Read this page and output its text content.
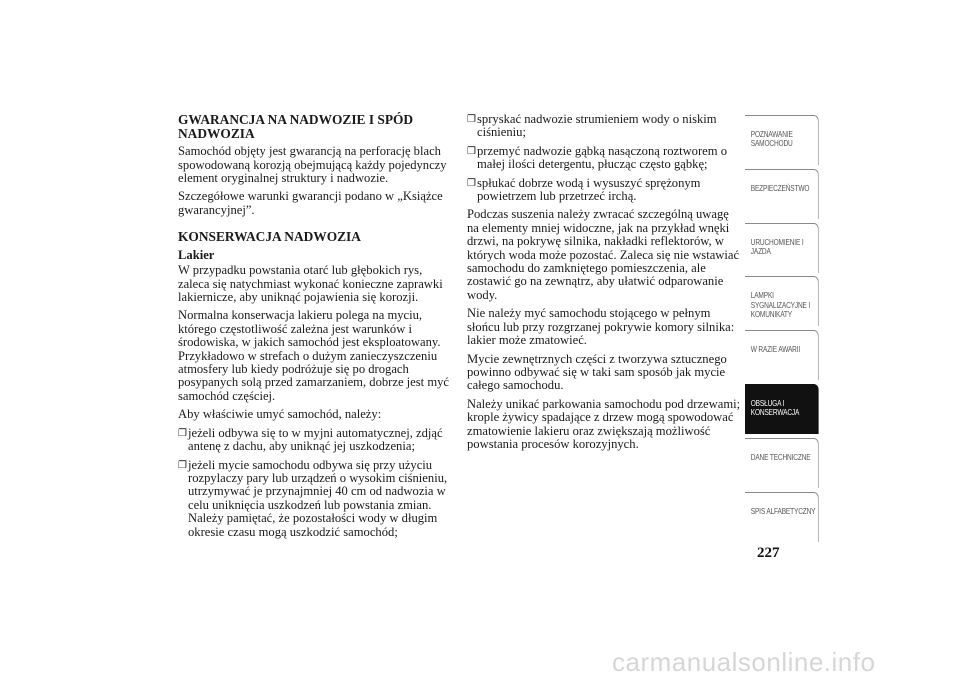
GWARANCJA NA NADWOZIE I SPÓD NADWOZIA

Samochód objęty jest gwarancją na perforację blach spowodowaną korozją obejmującą każdy pojedynczy element oryginalnej struktury i nadwozie.

Szczegółowe warunki gwarancji podano w „Książce gwarancyjnej”.

KONSERWACJA NADWOZIA
Lakier

W przypadku powstania otarć lub głębokich rys, zaleca się natychmiast wykonać konieczne zaprawki lakiernicze, aby uniknąć pojawienia się korozji.

Normalna konserwacja lakieru polega na myciu, którego częstotliwość zależna jest warunków i środowiska, w jakich samochód jest eksploatowany. Przykładowo w strefach o dużym zanieczyszczeniu atmosfery lub kiedy podróżuje się po drogach posypanych solą przed zamarzaniem, dobrze jest myć samochód częściej.

Aby właściwie umyć samochód, należy:

❐ jeżeli odbywa się to w myjni automatycznej, zdjąć antenę z dachu, aby uniknąć jej uszkodzenia;
❐ jeżeli mycie samochodu odbywa się przy użyciu rozpylaczy pary lub urządzeń o wysokim ciśnieniu, utrzymywać je przynajmniej 40 cm od nadwozia w celu uniknięcia uszkodzeń lub powstania zmian. Należy pamiętać, że pozostałości wody w długim okresie czasu mogą uszkodzić samochód;
❐ spryskać nadwozie strumieniem wody o niskim ciśnieniu;
❐ przemyć nadwozie gąbką nasączoną roztworem o małej ilości detergentu, płucząc często gąbkę;
❐ spłukać dobrze wodą i wysuszyć sprężonym powietrzem lub przetrzeć irchą.

Podczas suszenia należy zwracać szczególną uwagę na elementy mniej widoczne, jak na przykład wnęki drzwi, na pokrywę silnika, nakładki reflektorów, w których woda może pozostać. Zaleca się nie wstawiać samochodu do zamkniętego pomieszczenia, ale zostawić go na zewnątrz, aby ułatwić odparowanie wody.

Nie należy myć samochodu stojącego w pełnym słońcu lub przy rozgrzanej pokrywie komory silnika: lakier może zmatowieć.

Mycie zewnętrznych części z tworzywa sztucznego powinno odbywać się w taki sam sposób jak mycie całego samochodu.

Należy unikać parkowania samochodu pod drzewami; krople żywicy spadające z drzew mogą spowodować zmatowienie lakieru oraz zwiększają możliwość powstania procesów korozyjnych.

POZNAWANIE SAMOCHODU
BEZPIECZEŃSTWO
URUCHOMIENIE I JAZDA
LAMPKI SYGNALIZACYJNE I KOMUNIKATY
W RAZIE AWARII
OBSŁUGA I KONSERWACJA
DANE TECHNICZNE
SPIS ALFABETYCZNY
227
carmanualsonline.info
